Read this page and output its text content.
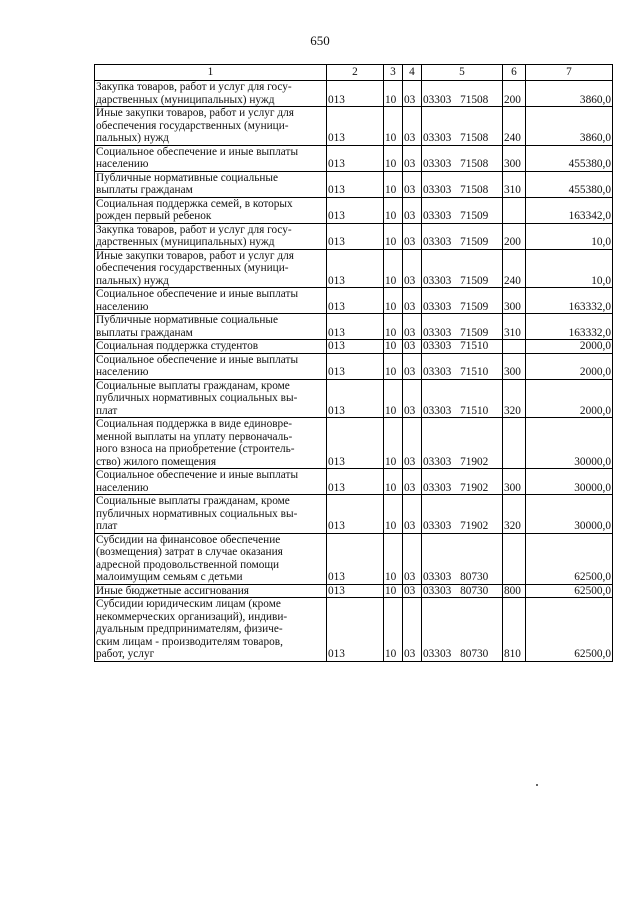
650
1	2	3	4	5	6	7
Закупка товаров, работ и услуг для госу-
дарственных (муниципальных) нужд	013	10	03	03303 71508	200	3860,0
Иные закупки товаров, работ и услуг для
обеспечения государственных (муници-
пальных) нужд	013	10	03	03303 71508	240	3860,0
Социальное обеспечение и иные выплаты
населению	013	10	03	03303 71508	300	455380,0
Публичные нормативные социальные
выплаты гражданам	013	10	03	03303 71508	310	455380,0
Социальная поддержка семей, в которых
рожден первый ребенок	013	10	03	03303 71509		163342,0
Закупка товаров, работ и услуг для госу-
дарственных (муниципальных) нужд	013	10	03	03303 71509	200	10,0
Иные закупки товаров, работ и услуг для
обеспечения государственных (муници-
пальных) нужд	013	10	03	03303 71509	240	10,0
Социальное обеспечение и иные выплаты
населению	013	10	03	03303 71509	300	163332,0
Публичные нормативные социальные
выплаты гражданам	013	10	03	03303 71509	310	163332,0
Социальная поддержка студентов	013	10	03	03303 71510		2000,0
Социальное обеспечение и иные выплаты
населению	013	10	03	03303 71510	300	2000,0
Социальные выплаты гражданам, кроме
публичных нормативных социальных вы-
плат	013	10	03	03303 71510	320	2000,0
Социальная поддержка в виде единовре-
менной выплаты на уплату первоначаль-
ного взноса на приобретение (строитель-
ство) жилого помещения	013	10	03	03303 71902		30000,0
Социальное обеспечение и иные выплаты
населению	013	10	03	03303 71902	300	30000,0
Социальные выплаты гражданам, кроме
публичных нормативных социальных вы-
плат	013	10	03	03303 71902	320	30000,0
Субсидии на финансовое обеспечение
(возмещения) затрат в случае оказания
адресной продовольственной помощи
малоимущим семьям с детьми	013	10	03	03303 80730		62500,0
Иные бюджетные ассигнования	013	10	03	03303 80730	800	62500,0
Субсидии юридическим лицам (кроме
некоммерческих организаций), индиви-
дуальным предпринимателям, физиче-
ским лицам - производителям товаров,
работ, услуг	013	10	03	03303 80730	810	62500,0
